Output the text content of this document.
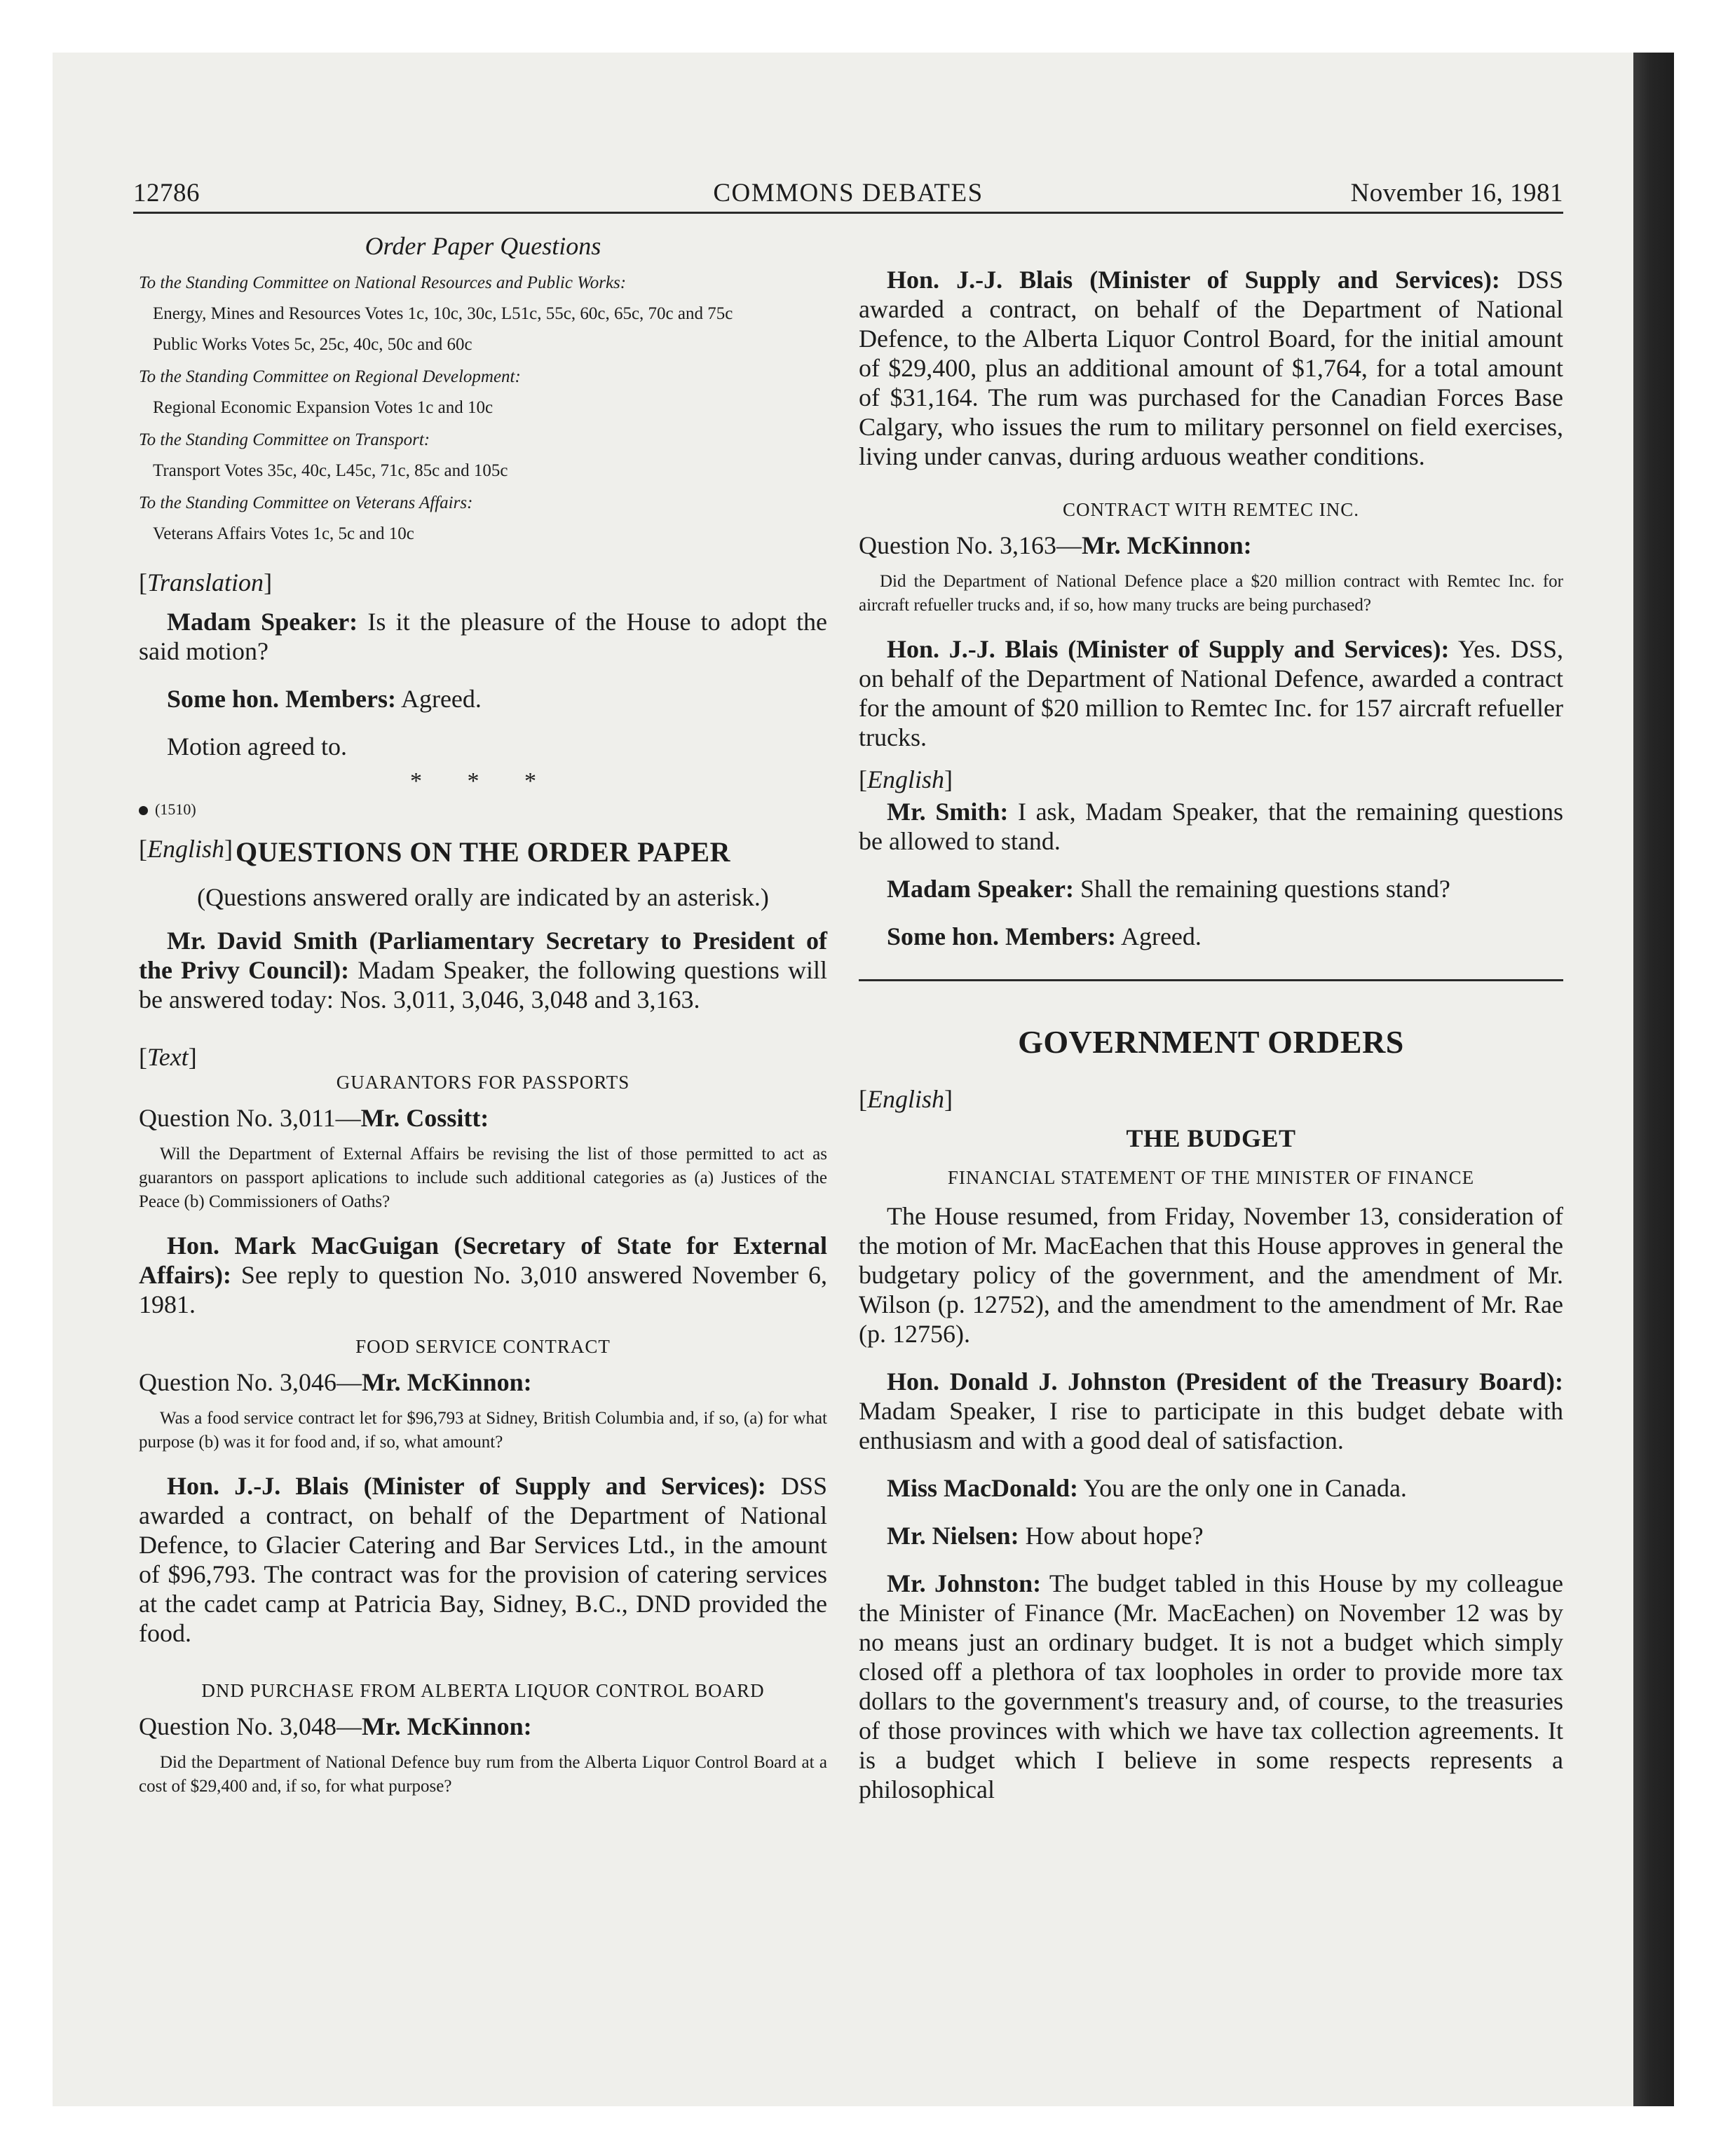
12786	COMMONS DEBATES	November 16, 1981

Order Paper Questions

To the Standing Committee on National Resources and Public Works:

Energy, Mines and Resources Votes 1c, 10c, 30c, L51c, 55c, 60c, 65c, 70c and 75c

Public Works Votes 5c, 25c, 40c, 50c and 60c

To the Standing Committee on Regional Development:

Regional Economic Expansion Votes 1c and 10c

To the Standing Committee on Transport:

Transport Votes 35c, 40c, L45c, 71c, 85c and 105c

To the Standing Committee on Veterans Affairs:

Veterans Affairs Votes 1c, 5c and 10c

[Translation]

Madam Speaker: Is it the pleasure of the House to adopt the said motion?

Some hon. Members: Agreed.

Motion agreed to.

* * *

(1510)

[English] QUESTIONS ON THE ORDER PAPER

(Questions answered orally are indicated by an asterisk.)

Mr. David Smith (Parliamentary Secretary to President of the Privy Council): Madam Speaker, the following questions will be answered today: Nos. 3,011, 3,046, 3,048 and 3,163.

[Text]

GUARANTORS FOR PASSPORTS

Question No. 3,011—Mr. Cossitt:

Will the Department of External Affairs be revising the list of those permitted to act as guarantors on passport aplications to include such additional categories as (a) Justices of the Peace (b) Commissioners of Oaths?

Hon. Mark MacGuigan (Secretary of State for External Affairs): See reply to question No. 3,010 answered November 6, 1981.

FOOD SERVICE CONTRACT

Question No. 3,046—Mr. McKinnon:

Was a food service contract let for $96,793 at Sidney, British Columbia and, if so, (a) for what purpose (b) was it for food and, if so, what amount?

Hon. J.-J. Blais (Minister of Supply and Services): DSS awarded a contract, on behalf of the Department of National Defence, to Glacier Catering and Bar Services Ltd., in the amount of $96,793. The contract was for the provision of catering services at the cadet camp at Patricia Bay, Sidney, B.C., DND provided the food.

DND PURCHASE FROM ALBERTA LIQUOR CONTROL BOARD

Question No. 3,048—Mr. McKinnon:

Did the Department of National Defence buy rum from the Alberta Liquor Control Board at a cost of $29,400 and, if so, for what purpose?

Hon. J.-J. Blais (Minister of Supply and Services): DSS awarded a contract, on behalf of the Department of National Defence, to the Alberta Liquor Control Board, for the initial amount of $29,400, plus an additional amount of $1,764, for a total amount of $31,164. The rum was purchased for the Canadian Forces Base Calgary, who issues the rum to military personnel on field exercises, living under canvas, during arduous weather conditions.

CONTRACT WITH REMTEC INC.

Question No. 3,163—Mr. McKinnon:

Did the Department of National Defence place a $20 million contract with Remtec Inc. for aircraft refueller trucks and, if so, how many trucks are being purchased?

Hon. J.-J. Blais (Minister of Supply and Services): Yes. DSS, on behalf of the Department of National Defence, awarded a contract for the amount of $20 million to Remtec Inc. for 157 aircraft refueller trucks.

[English]

Mr. Smith: I ask, Madam Speaker, that the remaining questions be allowed to stand.

Madam Speaker: Shall the remaining questions stand?

Some hon. Members: Agreed.

GOVERNMENT ORDERS

[English]

THE BUDGET

FINANCIAL STATEMENT OF THE MINISTER OF FINANCE

The House resumed, from Friday, November 13, consideration of the motion of Mr. MacEachen that this House approves in general the budgetary policy of the government, and the amendment of Mr. Wilson (p. 12752), and the amendment to the amendment of Mr. Rae (p. 12756).

Hon. Donald J. Johnston (President of the Treasury Board): Madam Speaker, I rise to participate in this budget debate with enthusiasm and with a good deal of satisfaction.

Miss MacDonald: You are the only one in Canada.

Mr. Nielsen: How about hope?

Mr. Johnston: The budget tabled in this House by my colleague the Minister of Finance (Mr. MacEachen) on November 12 was by no means just an ordinary budget. It is not a budget which simply closed off a plethora of tax loopholes in order to provide more tax dollars to the government's treasury and, of course, to the treasuries of those provinces with which we have tax collection agreements. It is a budget which I believe in some respects represents a philosophical
